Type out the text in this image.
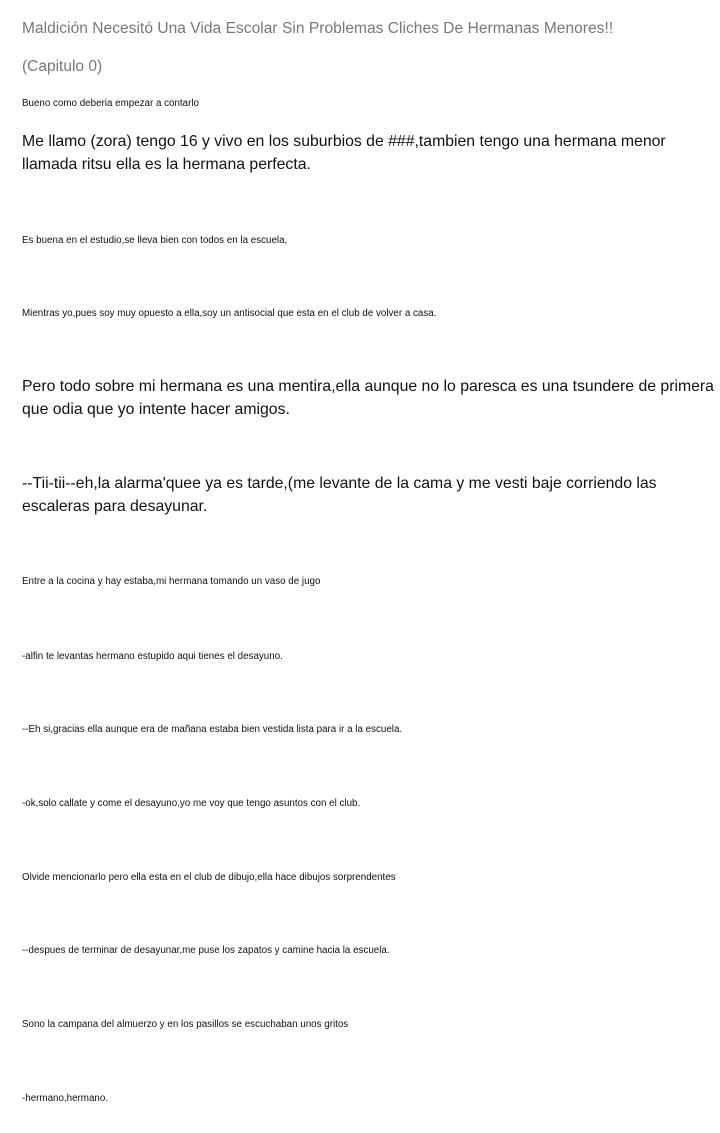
Maldición Necesitó Una Vida Escolar Sin Problemas Cliches De Hermanas Menores!!
(Capitulo 0)

Bueno como deberia empezar a contarlo

Me llamo (zora) tengo 16 y vivo en los suburbios de ###,tambien tengo una hermana menor llamada ritsu ella es la hermana perfecta.

Es buena en el estudio,se lleva bien con todos en la escuela,

Mientras yo,pues soy muy opuesto a ella,soy un antisocial que esta en el club de volver a casa.

Pero todo sobre mi hermana es una mentira,ella aunque no lo paresca es una tsundere de primera que odia que yo intente hacer amigos.

--Tii-tii--eh,la alarma'quee ya es tarde,(me levante de la cama y me vesti baje corriendo las escaleras para desayunar.

Entre a la cocina y hay estaba,mi hermana tomando un vaso de jugo

-alfin te levantas hermano estupido aqui tienes el desayuno.

--Eh si,gracias ella aunque era de mañana estaba bien vestida lista para ir a la escuela.

-ok,solo callate y come el desayuno,yo me voy que tengo asuntos con el club.

Olvide mencionarlo pero ella esta en el club de dibujo,ella hace dibujos sorprendentes

--despues de terminar de desayunar,me puse los zapatos y camine hacia la escuela.

Sono la campana del almuerzo y en los pasillos se escuchaban unos gritos

-hermano,hermano.
